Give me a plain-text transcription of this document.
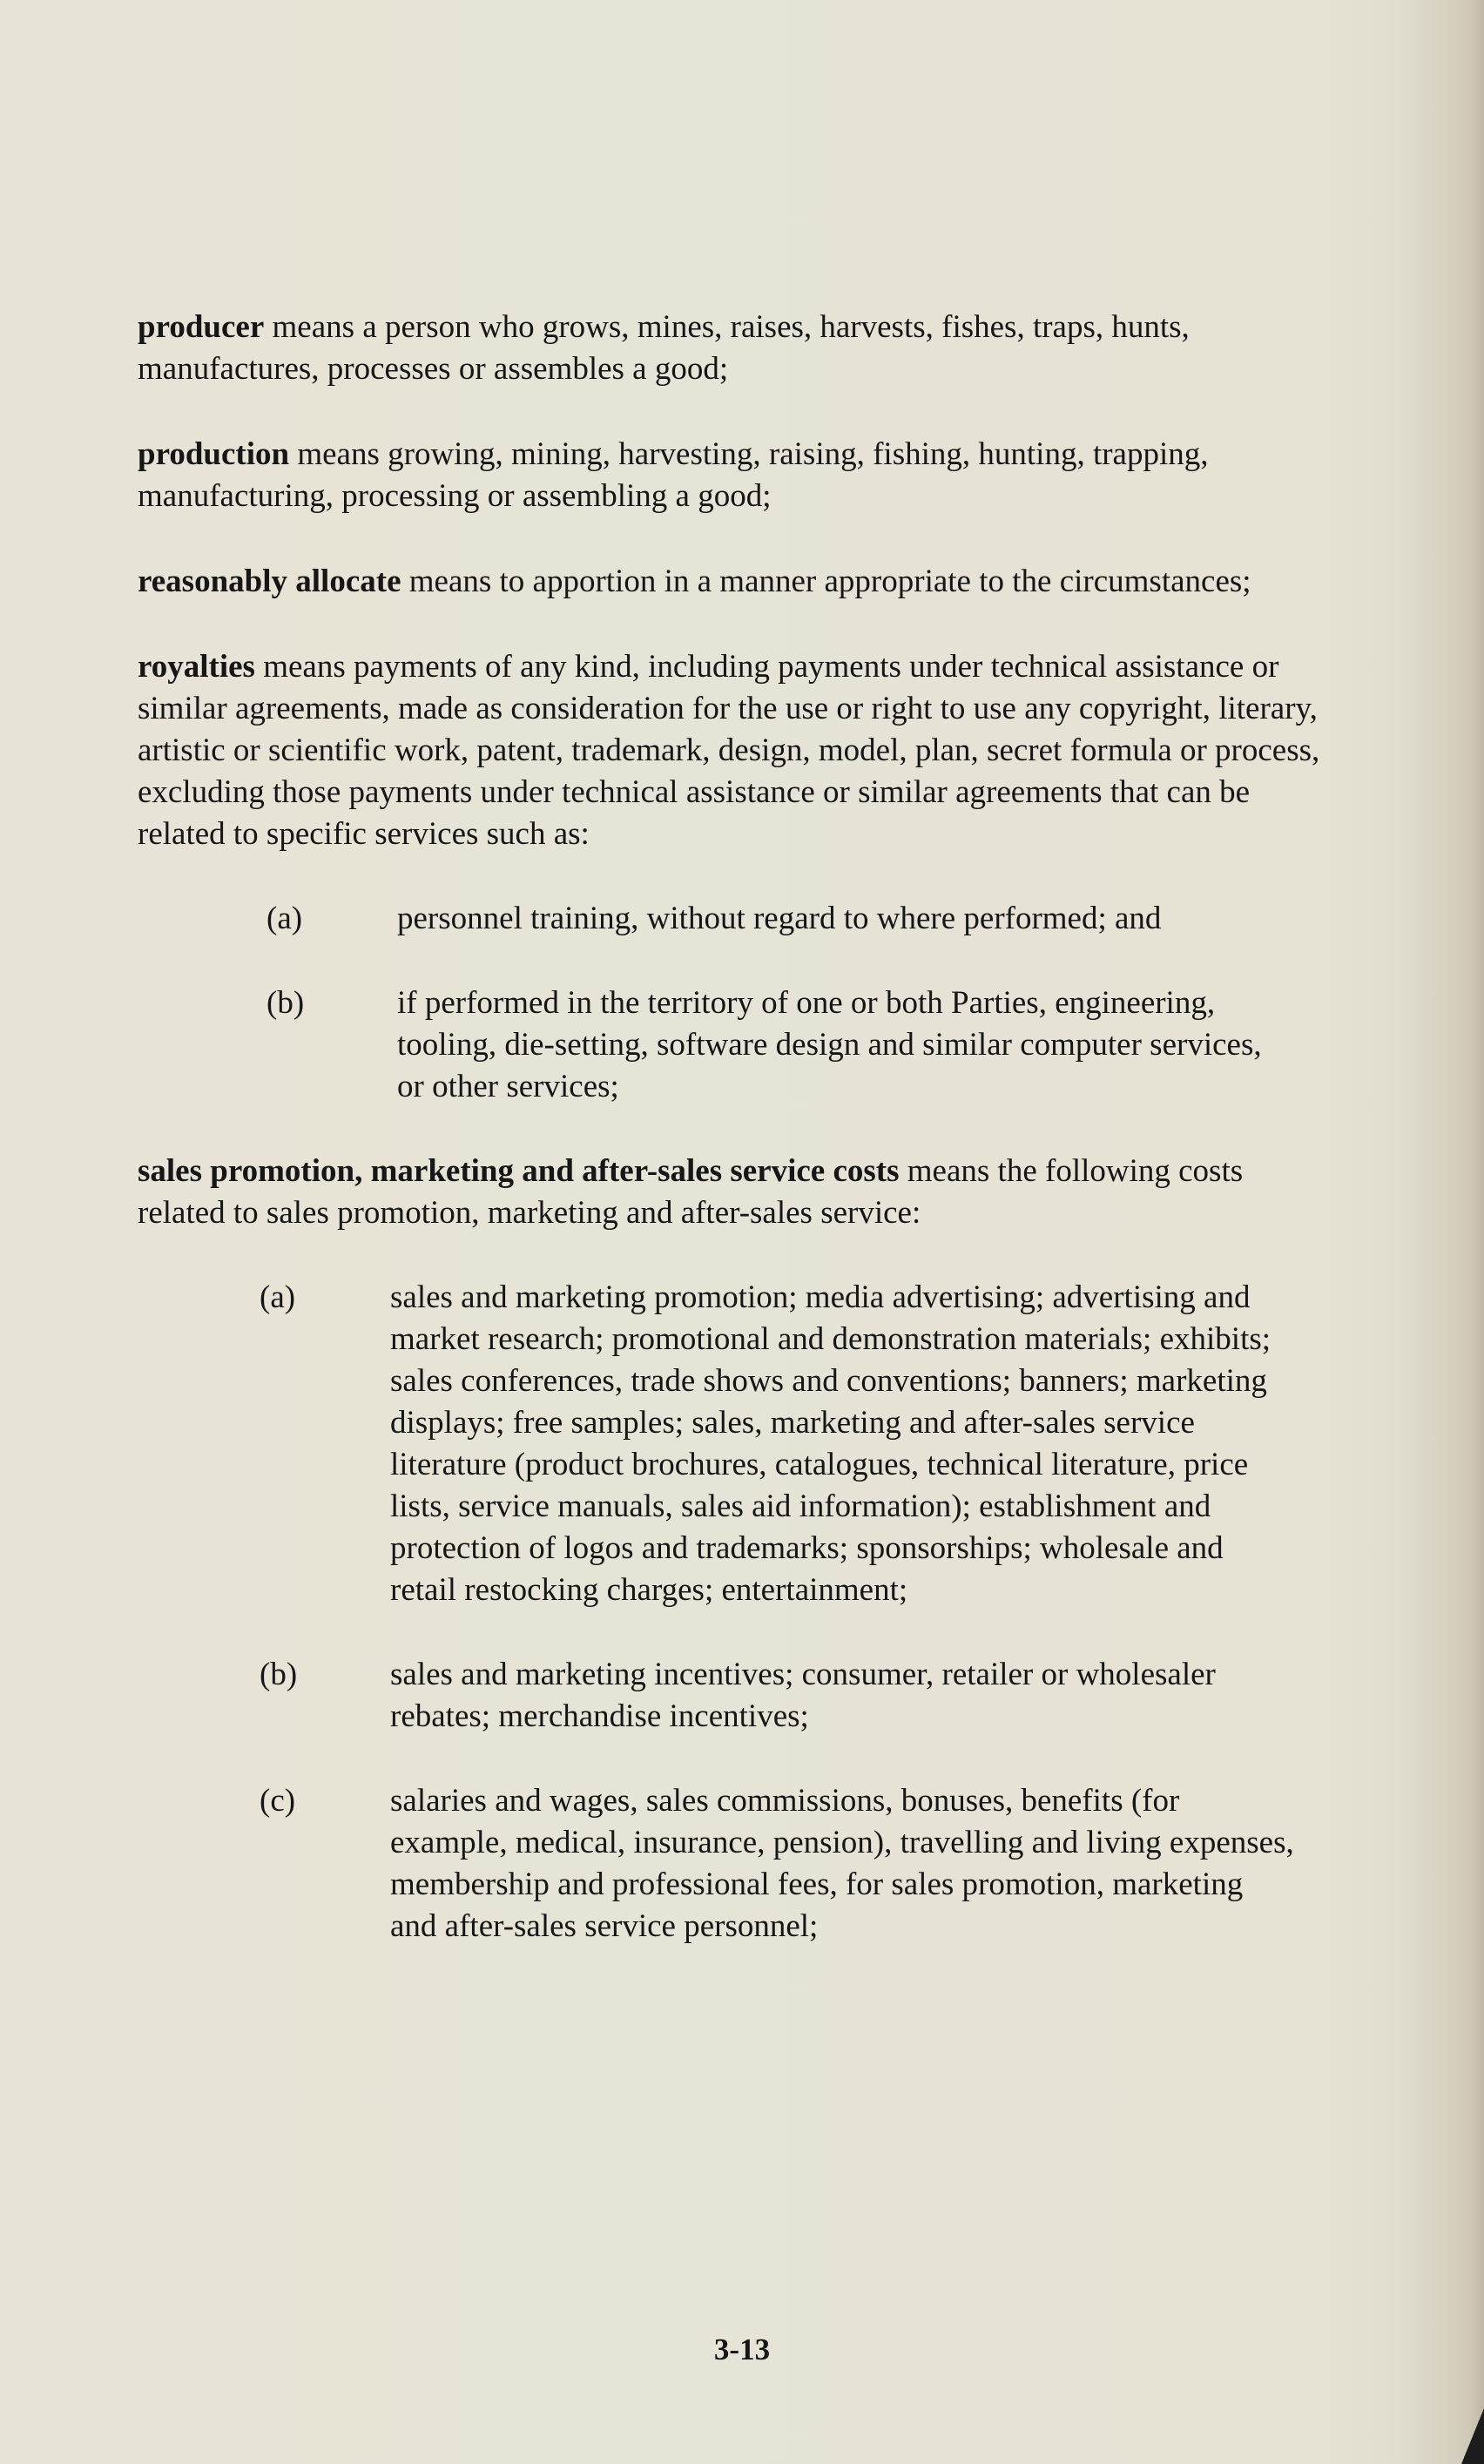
producer means a person who grows, mines, raises, harvests, fishes, traps, hunts, manufactures, processes or assembles a good;

production means growing, mining, harvesting, raising, fishing, hunting, trapping, manufacturing, processing or assembling a good;

reasonably allocate means to apportion in a manner appropriate to the circumstances;

royalties means payments of any kind, including payments under technical assistance or similar agreements, made as consideration for the use or right to use any copyright, literary, artistic or scientific work, patent, trademark, design, model, plan, secret formula or process, excluding those payments under technical assistance or similar agreements that can be related to specific services such as:

(a)	personnel training, without regard to where performed; and
(b)	if performed in the territory of one or both Parties, engineering, tooling, die-setting, software design and similar computer services, or other services;

sales promotion, marketing and after-sales service costs means the following costs related to sales promotion, marketing and after-sales service:

(a)	sales and marketing promotion; media advertising; advertising and market research; promotional and demonstration materials; exhibits; sales conferences, trade shows and conventions; banners; marketing displays; free samples; sales, marketing and after-sales service literature (product brochures, catalogues, technical literature, price lists, service manuals, sales aid information); establishment and protection of logos and trademarks; sponsorships; wholesale and retail restocking charges; entertainment;
(b)	sales and marketing incentives; consumer, retailer or wholesaler rebates; merchandise incentives;
(c)	salaries and wages, sales commissions, bonuses, benefits (for example, medical, insurance, pension), travelling and living expenses, membership and professional fees, for sales promotion, marketing and after-sales service personnel;
3-13
